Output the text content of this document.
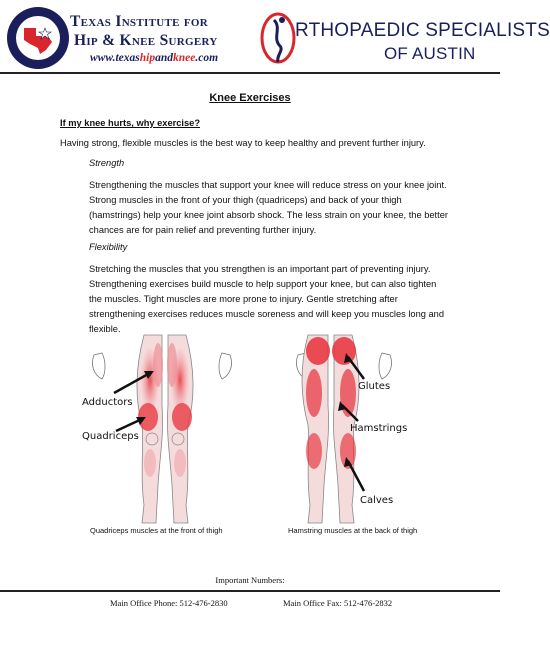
Texas Institute for
Hip & Knee Surgery
www.texashipandknee.com
RTHOPAEDIC SPECIALISTS
OF AUSTIN
Knee Exercises
If my knee hurts, why exercise?
Having strong, flexible muscles is the best way to keep healthy and prevent further injury.
Strength
Strengthening the muscles that support your knee will reduce stress on your knee joint. Strong muscles in the front of your thigh (quadriceps) and back of your thigh (hamstrings) help your knee joint absorb shock. The less strain on your knee, the better chances are for pain relief and preventing further injury.
Flexibility
Stretching the muscles that you strengthen is an important part of preventing injury. Strengthening exercises build muscle to help support your knee, but can also tighten the muscles. Tight muscles are more prone to injury. Gentle stretching after strengthening exercises reduces muscle soreness and will keep you muscles long and flexible.
Adductors
Quadriceps
Glutes
Hamstrings
Calves
Quadriceps muscles at the front of thigh	Hamstring muscles at the back of thigh
Important Numbers:
Main Office Phone: 512-476-2830	Main Office Fax: 512-476-2832
